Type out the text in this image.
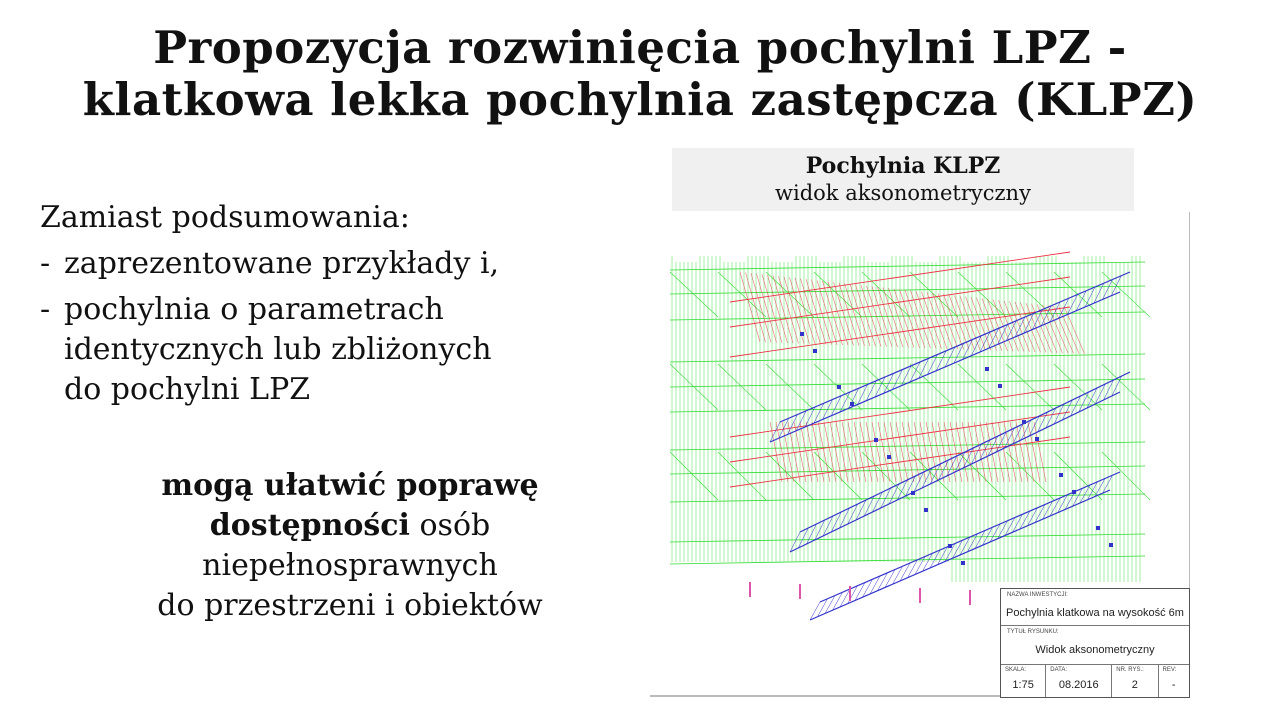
Propozycja rozwinięcia pochylni LPZ -
klatkowa lekka pochylnia zastępcza (KLPZ)
Zamiast podsumowania:
- zaprezentowane przykłady i,
- pochylnia o parametrach
identycznych lub zbliżonych
do pochylni LPZ
mogą ułatwić poprawę
dostępności osób
niepełnosprawnych
do przestrzeni i obiektów
Pochylnia KLPZ
widok aksonometryczny
NAZWA INWESTYCJI:
Pochylnia klatkowa na wysokość 6m
TYTUŁ RYSUNKU:
Widok aksonometryczny
SKALA:
1:75
DATA:
08.2016
NR. RYS.:
2
REV:
-
